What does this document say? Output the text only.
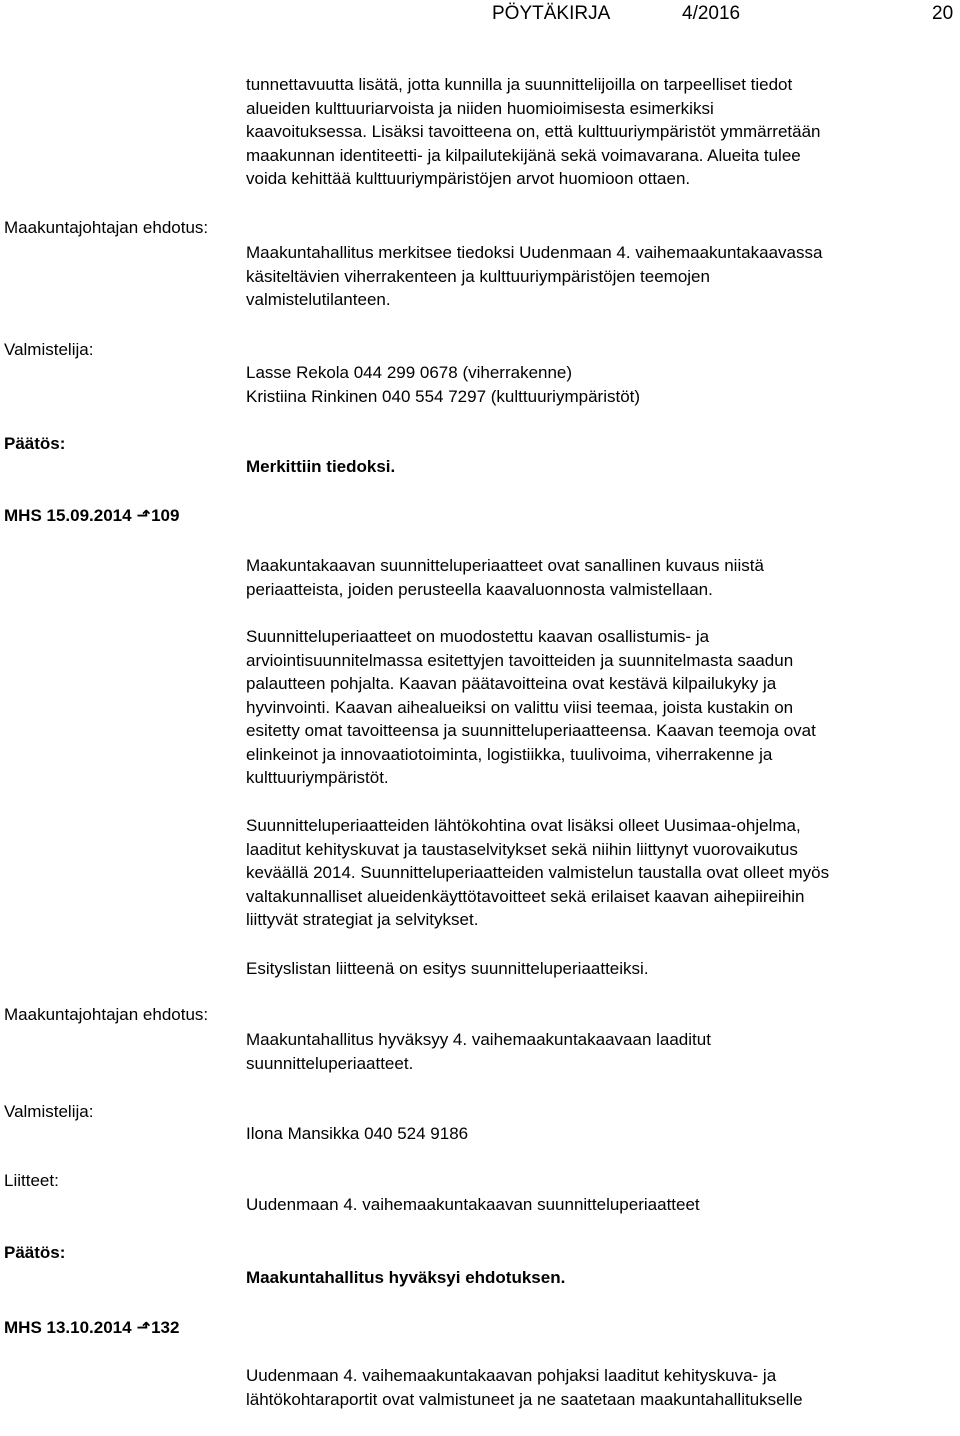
PÖYTÄKIRJA	4/2016	20
tunnettavuutta lisätä, jotta kunnilla ja suunnittelijoilla on tarpeelliset tiedot
alueiden kulttuuriarvoista ja niiden huomioimisesta esimerkiksi
kaavoituksessa. Lisäksi tavoitteena on, että kulttuuriympäristöt ymmärretään
maakunnan identiteetti- ja kilpailutekijänä sekä voimavarana. Alueita tulee
voida kehittää kulttuuriympäristöjen arvot huomioon ottaen.
Maakuntajohtajan ehdotus:
Maakuntahallitus merkitsee tiedoksi Uudenmaan 4. vaihemaakuntakaavassa
käsiteltävien viherrakenteen ja kulttuuriympäristöjen teemojen
valmistelutilanteen.
Valmistelija:
Lasse Rekola 044 299 0678 (viherrakenne)
Kristiina Rinkinen 040 554 7297 (kulttuuriympäristöt)
Päätös:
Merkittiin tiedoksi.
MHS 15.09.2014 ⬏ 109
Maakuntakaavan suunnitteluperiaatteet ovat sanallinen kuvaus niistä
periaatteista, joiden perusteella kaavaluonnosta valmistellaan.
Suunnitteluperiaatteet on muodostettu kaavan osallistumis- ja
arviointisuunnitelmassa esitettyjen tavoitteiden ja suunnitelmasta saadun
palautteen pohjalta. Kaavan päätavoitteina ovat kestävä kilpailukyky ja
hyvinvointi. Kaavan aihealueiksi on valittu viisi teemaa, joista kustakin on
esitetty omat tavoitteensa ja suunnitteluperiaatteensa. Kaavan teemoja ovat
elinkeinot ja innovaatiotoiminta, logistiikka, tuulivoima, viherrakenne ja
kulttuuriympäristöt.
Suunnitteluperiaatteiden lähtökohtina ovat lisäksi olleet Uusimaa-ohjelma,
laaditut kehityskuvat ja taustaselvitykset sekä niihin liittynyt vuorovaikutus
keväällä 2014. Suunnitteluperiaatteiden valmistelun taustalla ovat olleet myös
valtakunnalliset alueidenkäyttötavoitteet sekä erilaiset kaavan aihepiireihin
liittyvät strategiat ja selvitykset.
Esityslistan liitteenä on esitys suunnitteluperiaatteiksi.
Maakuntajohtajan ehdotus:
Maakuntahallitus hyväksyy 4. vaihemaakuntakaavaan laaditut
suunnitteluperiaatteet.
Valmistelija:
Ilona Mansikka 040 524 9186
Liitteet:
Uudenmaan 4. vaihemaakuntakaavan suunnitteluperiaatteet
Päätös:
Maakuntahallitus hyväksyi ehdotuksen.
MHS 13.10.2014 ⬏ 132
Uudenmaan 4. vaihemaakuntakaavan pohjaksi laaditut kehityskuva- ja
lähtökohtaraportit ovat valmistuneet ja ne saatetaan maakuntahallitukselle
